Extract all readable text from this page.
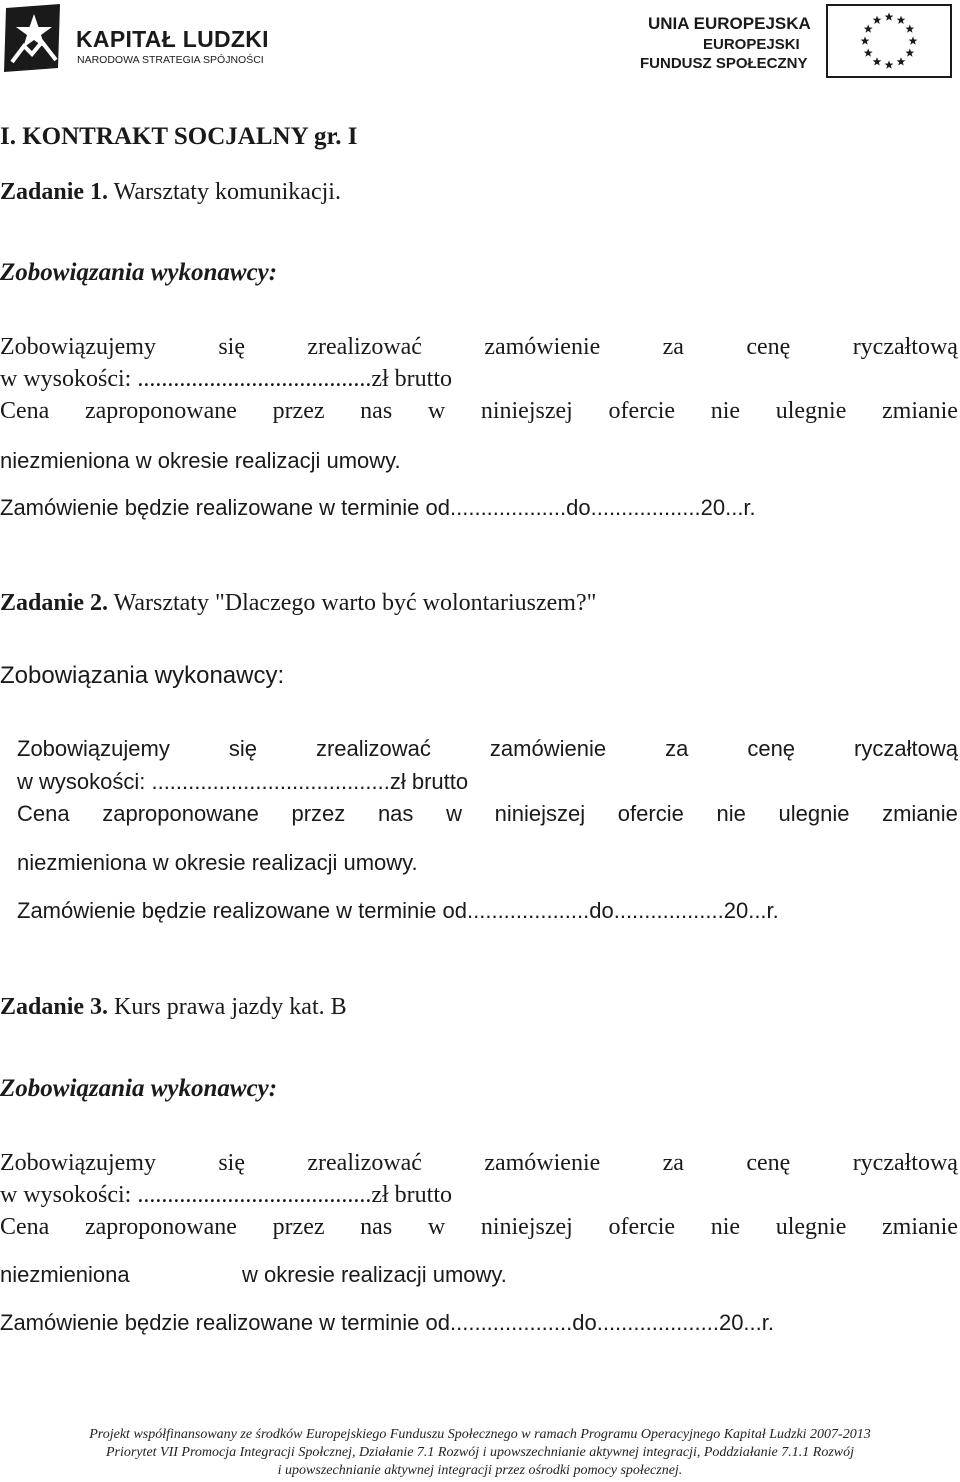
KAPITAŁ LUDZKI
NARODOWA STRATEGIA SPÓJNOŚCI
UNIA EUROPEJSKA
EUROPEJSKI
FUNDUSZ SPOŁECZNY
I. KONTRAKT SOCJALNY gr. I
Zadanie 1. Warsztaty komunikacji.
Zobowiązania wykonawcy:
Zobowiązujemy	się	zrealizować	zamówienie	za	cenę	ryczałtową
w wysokości: .......................................zł brutto
Cena zaproponowane przez nas w niniejszej ofercie nie ulegnie zmianie
niezmieniona w okresie realizacji umowy.
Zamówienie będzie realizowane w terminie od...................do..................20...r.
Zadanie 2. Warsztaty "Dlaczego warto być wolontariuszem?"
Zobowiązania wykonawcy:
Zobowiązujemy	się	zrealizować	zamówienie	za	cenę	ryczałtową
w wysokości: .......................................zł brutto
Cena zaproponowane przez nas w niniejszej ofercie nie ulegnie zmianie
niezmieniona w okresie realizacji umowy.
Zamówienie będzie realizowane w terminie od....................do..................20...r.
Zadanie 3. Kurs prawa jazdy kat. B
Zobowiązania wykonawcy:
Zobowiązujemy	się	zrealizować	zamówienie	za	cenę	ryczałtową
w wysokości: .......................................zł brutto
Cena zaproponowane przez nas w niniejszej ofercie nie ulegnie zmianie
niezmieniona	w okresie realizacji umowy.
Zamówienie będzie realizowane w terminie od....................do....................20...r.
Projekt współfinansowany ze środków Europejskiego Funduszu Społecznego w ramach Programu Operacyjnego Kapitał Ludzki 2007-2013
Priorytet VII Promocja Integracji Społcznej, Działanie 7.1 Rozwój i upowszechnianie aktywnej integracji, Poddziałanie 7.1.1 Rozwój
i upowszechnianie aktywnej integracji przez ośrodki pomocy społecznej.
